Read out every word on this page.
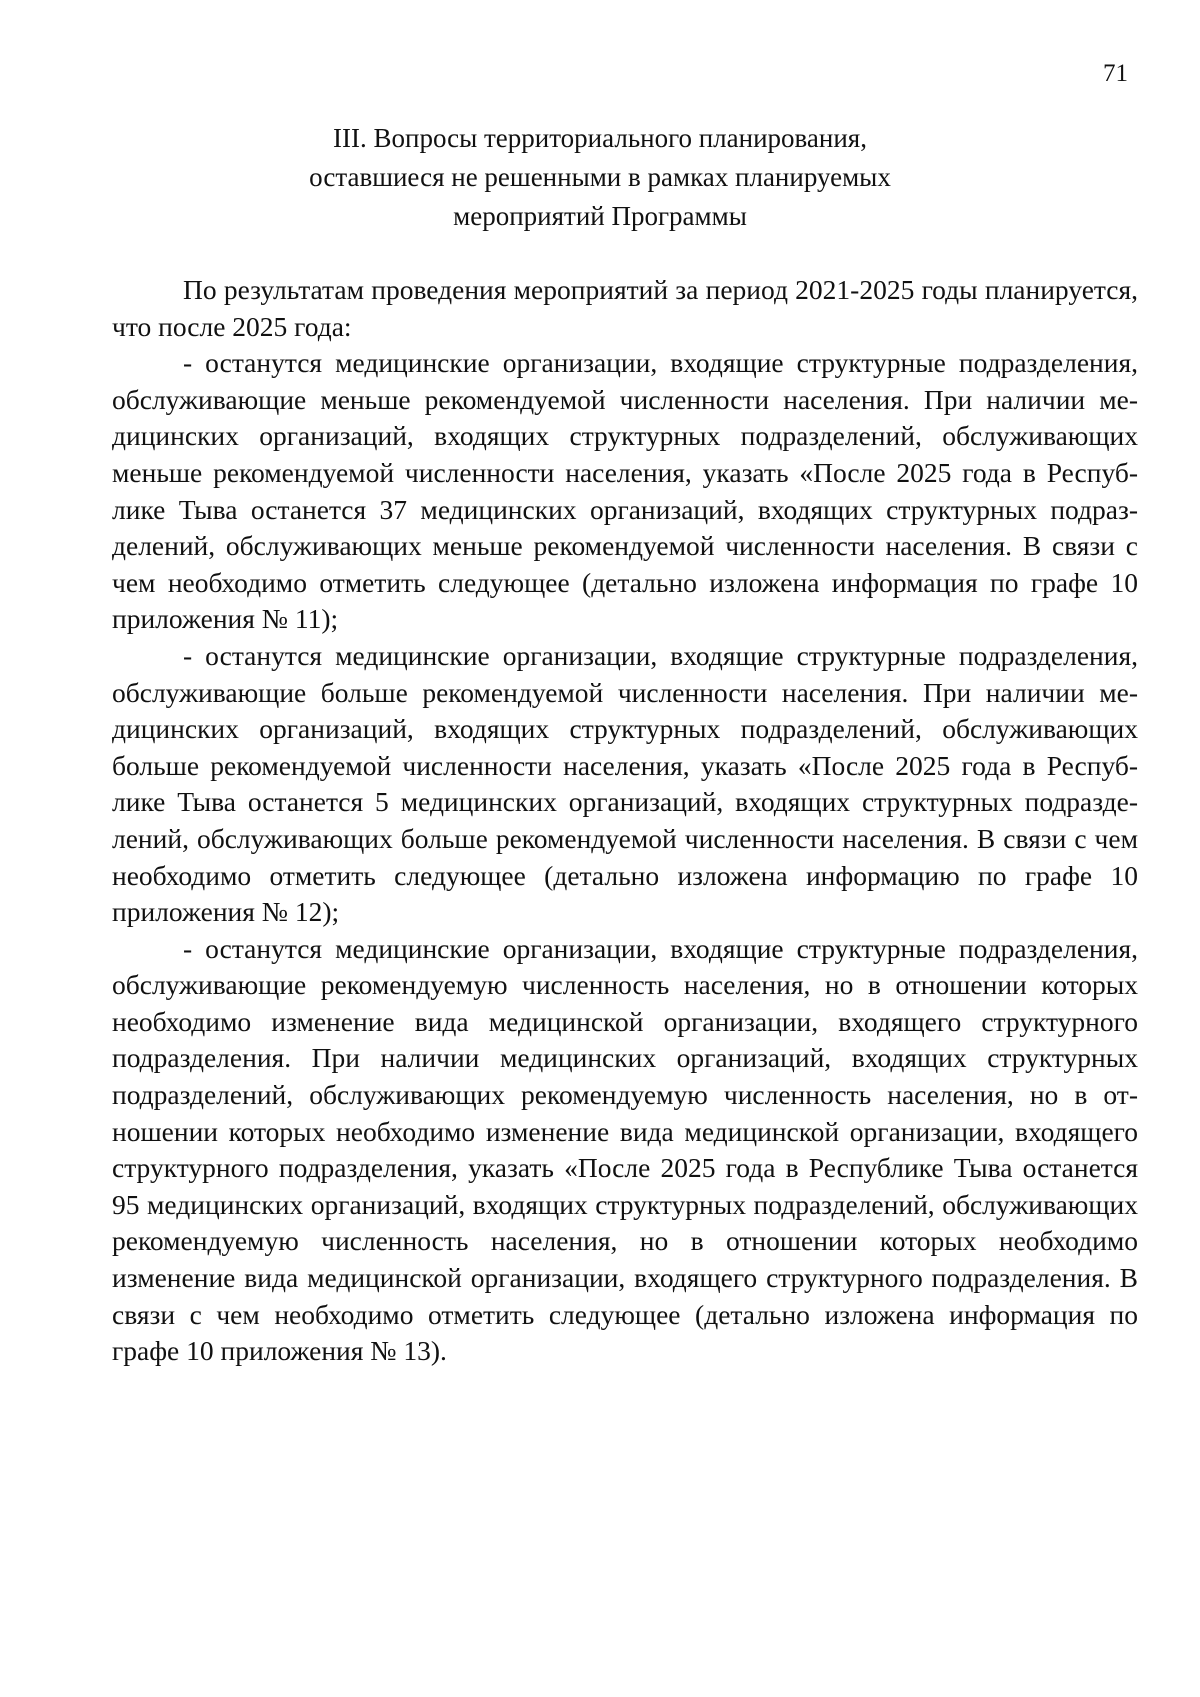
71
III. Вопросы территориального планирования,
оставшиеся не решенными в рамках планируемых
мероприятий Программы

По результатам проведения мероприятий за период 2021-2025 годы планируется, что после 2025 года:

- останутся медицинские организации, входящие структурные подразделения, обслуживающие меньше рекомендуемой численности населения. При наличии медицинских организаций, входящих структурных подразделений, обслуживающих меньше рекомендуемой численности населения, указать «После 2025 года в Республике Тыва останется 37 медицинских организаций, входящих структурных подразделений, обслуживающих меньше рекомендуемой численности населения. В связи с чем необходимо отметить следующее (детально изложена информация по графе 10 приложения № 11);

- останутся медицинские организации, входящие структурные подразделения, обслуживающие больше рекомендуемой численности населения. При наличии медицинских организаций, входящих структурных подразделений, обслуживающих больше рекомендуемой численности населения, указать «После 2025 года в Республике Тыва останется 5 медицинских организаций, входящих структурных подразделений, обслуживающих больше рекомендуемой численности населения. В связи с чем необходимо отметить следующее (детально изложена информацию по графе 10 приложения № 12);

- останутся медицинские организации, входящие структурные подразделения, обслуживающие рекомендуемую численность населения, но в отношении которых необходимо изменение вида медицинской организации, входящего структурного подразделения. При наличии медицинских организаций, входящих структурных подразделений, обслуживающих рекомендуемую численность населения, но в отношении которых необходимо изменение вида медицинской организации, входящего структурного подразделения, указать «После 2025 года в Республике Тыва останется 95 медицинских организаций, входящих структурных подразделений, обслуживающих рекомендуемую численность населения, но в отношении которых необходимо изменение вида медицинской организации, входящего структурного подразделения. В связи с чем необходимо отметить следующее (детально изложена информация по графе 10 приложения № 13).
